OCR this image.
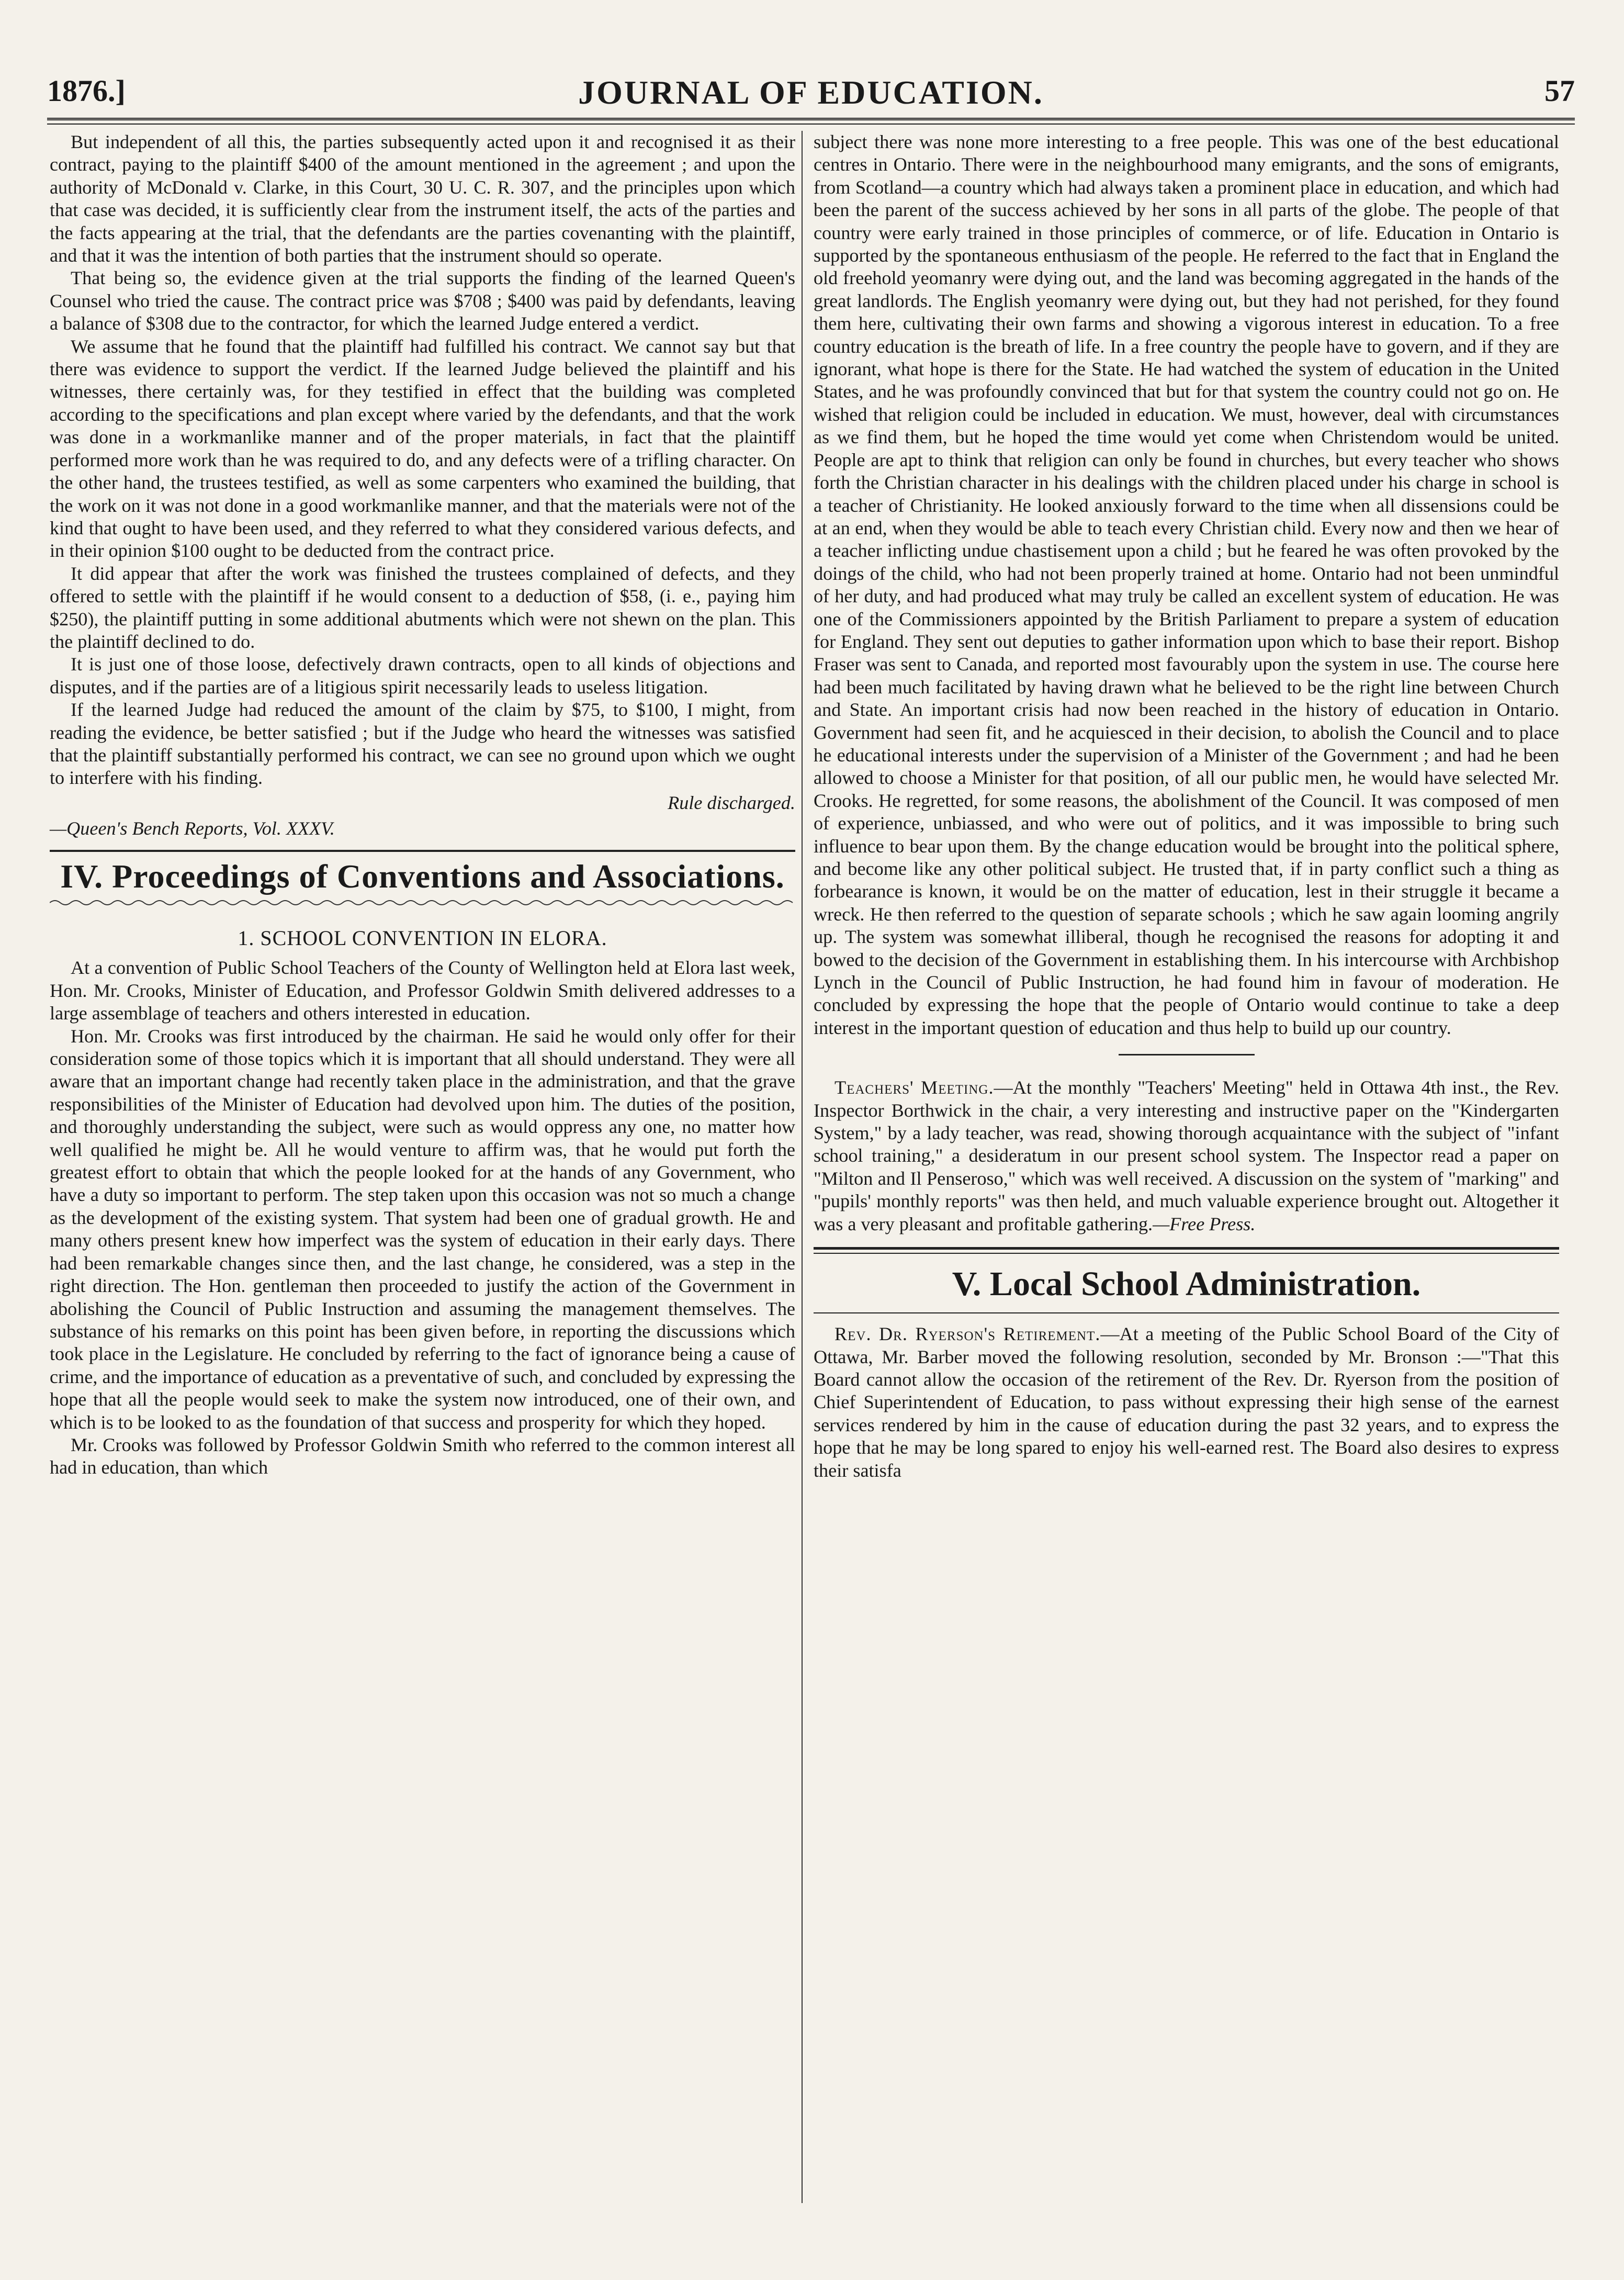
1876.]	JOURNAL OF EDUCATION.	57

But independent of all this, the parties subsequently acted upon it and recognised it as their contract, paying to the plaintiff $400 of the amount mentioned in the agreement ; and upon the authority of McDonald v. Clarke, in this Court, 30 U. C. R. 307, and the principles upon which that case was decided, it is sufficiently clear from the instrument itself, the acts of the parties and the facts appearing at the trial, that the defendants are the parties covenanting with the plaintiff, and that it was the intention of both parties that the instrument should so operate.

That being so, the evidence given at the trial supports the finding of the learned Queen's Counsel who tried the cause. The contract price was $708 ; $400 was paid by defendants, leaving a balance of $308 due to the contractor, for which the learned Judge entered a verdict.

We assume that he found that the plaintiff had fulfilled his contract. We cannot say but that there was evidence to support the verdict. If the learned Judge believed the plaintiff and his witnesses, there certainly was, for they testified in effect that the building was completed according to the specifications and plan except where varied by the defendants, and that the work was done in a workmanlike manner and of the proper materials, in fact that the plaintiff performed more work than he was required to do, and any defects were of a trifling character. On the other hand, the trustees testified, as well as some carpenters who examined the building, that the work on it was not done in a good workmanlike manner, and that the materials were not of the kind that ought to have been used, and they referred to what they considered various defects, and in their opinion $100 ought to be deducted from the contract price.

It did appear that after the work was finished the trustees complained of defects, and they offered to settle with the plaintiff if he would consent to a deduction of $58, (i. e., paying him $250), the plaintiff putting in some additional abutments which were not shewn on the plan. This the plaintiff declined to do.

It is just one of those loose, defectively drawn contracts, open to all kinds of objections and disputes, and if the parties are of a litigious spirit necessarily leads to useless litigation.

If the learned Judge had reduced the amount of the claim by $75, to $100, I might, from reading the evidence, be better satisfied ; but if the Judge who heard the witnesses was satisfied that the plaintiff substantially performed his contract, we can see no ground upon which we ought to interfere with his finding.

Rule discharged.
—Queen's Bench Reports, Vol. XXXV.
IV. Proceedings of Conventions and Associations.
1. SCHOOL CONVENTION IN ELORA.

At a convention of Public School Teachers of the County of Wellington held at Elora last week, Hon. Mr. Crooks, Minister of Education, and Professor Goldwin Smith delivered addresses to a large assemblage of teachers and others interested in education.

Hon. Mr. Crooks was first introduced by the chairman. He said he would only offer for their consideration some of those topics which it is important that all should understand. They were all aware that an important change had recently taken place in the administration, and that the grave responsibilities of the Minister of Education had devolved upon him. The duties of the position, and thoroughly understanding the subject, were such as would oppress any one, no matter how well qualified he might be. All he would venture to affirm was, that he would put forth the greatest effort to obtain that which the people looked for at the hands of any Government, who have a duty so important to perform. The step taken upon this occasion was not so much a change as the development of the existing system. That system had been one of gradual growth. He and many others present knew how imperfect was the system of education in their early days. There had been remarkable changes since then, and the last change, he considered, was a step in the right direction. The Hon. gentleman then proceeded to justify the action of the Government in abolishing the Council of Public Instruction and assuming the management themselves. The substance of his remarks on this point has been given before, in reporting the discussions which took place in the Legislature. He concluded by referring to the fact of ignorance being a cause of crime, and the importance of education as a preventative of such, and concluded by expressing the hope that all the people would seek to make the system now introduced, one of their own, and which is to be looked to as the foundation of that success and prosperity for which they hoped.

Mr. Crooks was followed by Professor Goldwin Smith who referred to the common interest all had in education, than which

subject there was none more interesting to a free people. This was one of the best educational centres in Ontario. There were in the neighbourhood many emigrants, and the sons of emigrants, from Scotland—a country which had always taken a prominent place in education, and which had been the parent of the success achieved by her sons in all parts of the globe. The people of that country were early trained in those principles of commerce, or of life. Education in Ontario is supported by the spontaneous enthusiasm of the people. He referred to the fact that in England the old freehold yeomanry were dying out, and the land was becoming aggregated in the hands of the great landlords. The English yeomanry were dying out, but they had not perished, for they found them here, cultivating their own farms and showing a vigorous interest in education. To a free country education is the breath of life. In a free country the people have to govern, and if they are ignorant, what hope is there for the State. He had watched the system of education in the United States, and he was profoundly convinced that but for that system the country could not go on. He wished that religion could be included in education. We must, however, deal with circumstances as we find them, but he hoped the time would yet come when Christendom would be united. People are apt to think that religion can only be found in churches, but every teacher who shows forth the Christian character in his dealings with the children placed under his charge in school is a teacher of Christianity. He looked anxiously forward to the time when all dissensions could be at an end, when they would be able to teach every Christian child. Every now and then we hear of a teacher inflicting undue chastisement upon a child ; but he feared he was often provoked by the doings of the child, who had not been properly trained at home. Ontario had not been unmindful of her duty, and had produced what may truly be called an excellent system of education. He was one of the Commissioners appointed by the British Parliament to prepare a system of education for England. They sent out deputies to gather information upon which to base their report. Bishop Fraser was sent to Canada, and reported most favourably upon the system in use. The course here had been much facilitated by having drawn what he believed to be the right line between Church and State. An important crisis had now been reached in the history of education in Ontario. Government had seen fit, and he acquiesced in their decision, to abolish the Council and to place he educational interests under the supervision of a Minister of the Government ; and had he been allowed to choose a Minister for that position, of all our public men, he would have selected Mr. Crooks. He regretted, for some reasons, the abolishment of the Council. It was composed of men of experience, unbiassed, and who were out of politics, and it was impossible to bring such influence to bear upon them. By the change education would be brought into the political sphere, and become like any other political subject. He trusted that, if in party conflict such a thing as forbearance is known, it would be on the matter of education, lest in their struggle it became a wreck. He then referred to the question of separate schools ; which he saw again looming angrily up. The system was somewhat illiberal, though he recognised the reasons for adopting it and bowed to the decision of the Government in establishing them. In his intercourse with Archbishop Lynch in the Council of Public Instruction, he had found him in favour of moderation. He concluded by expressing the hope that the people of Ontario would continue to take a deep interest in the important question of education and thus help to build up our country.

Teachers' Meeting.—At the monthly "Teachers' Meeting" held in Ottawa 4th inst., the Rev. Inspector Borthwick in the chair, a very interesting and instructive paper on the "Kindergarten System," by a lady teacher, was read, showing thorough acquaintance with the subject of "infant school training," a desideratum in our present school system. The Inspector read a paper on "Milton and Il Penseroso," which was well received. A discussion on the system of "marking" and "pupils' monthly reports" was then held, and much valuable experience brought out. Altogether it was a very pleasant and profitable gathering.—Free Press.

V. Local School Administration.

Rev. Dr. Ryerson's Retirement.—At a meeting of the Public School Board of the City of Ottawa, Mr. Barber moved the following resolution, seconded by Mr. Bronson :—"That this Board cannot allow the occasion of the retirement of the Rev. Dr. Ryerson from the position of Chief Superintendent of Education, to pass without expressing their high sense of the earnest services rendered by him in the cause of education during the past 32 years, and to express the hope that he may be long spared to enjoy his well-earned rest. The Board also desires to express their satisfa
